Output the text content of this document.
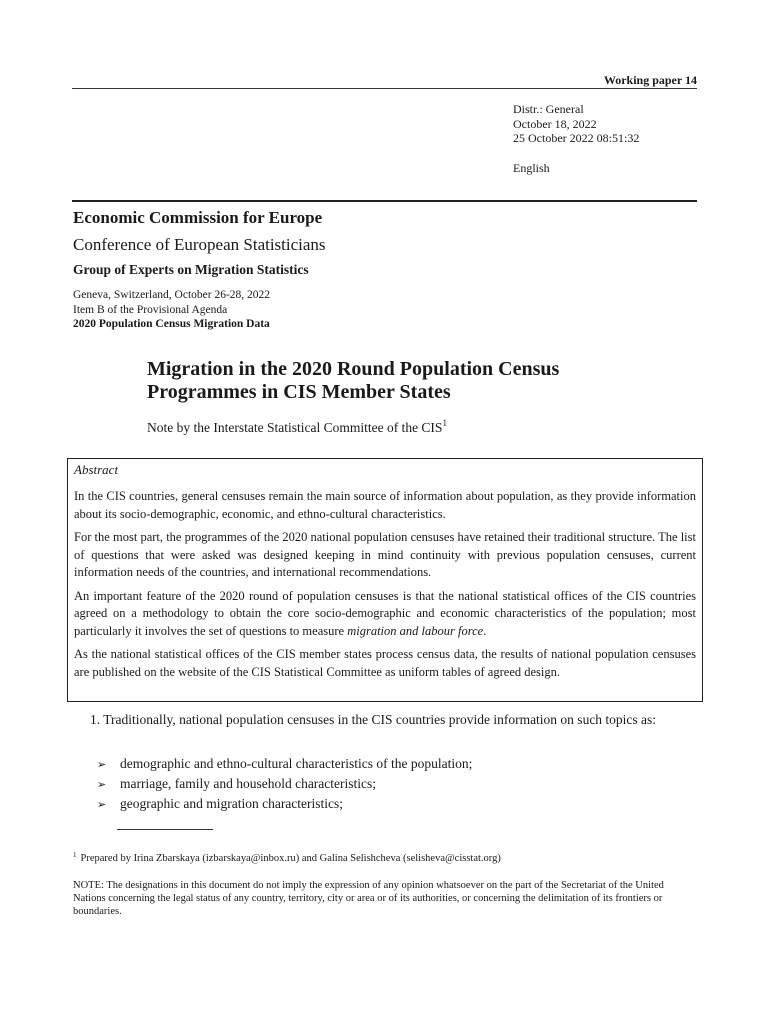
Working paper 14
Distr.: General
October 18, 2022
25 October 2022 08:51:32
English
Economic Commission for Europe
Conference of European Statisticians
Group of Experts on Migration Statistics
Geneva, Switzerland, October 26-28, 2022
Item B of the Provisional Agenda
2020 Population Census Migration Data
Migration in the 2020 Round Population Census
Programmes in CIS Member States
Note by the Interstate Statistical Committee of the CIS$^1$
Abstract

In the CIS countries, general censuses remain the main source of information about population, as they provide information about its socio-demographic, economic, and ethno-cultural characteristics.

For the most part, the programmes of the 2020 national population censuses have retained their traditional structure. The list of questions that were asked was designed keeping in mind continuity with previous population censuses, current information needs of the countries, and international recommendations.

An important feature of the 2020 round of population censuses is that the national statistical offices of the CIS countries agreed on a methodology to obtain the core socio-demographic and economic characteristics of the population; most particularly it involves the set of questions to measure migration and labour force.

As the national statistical offices of the CIS member states process census data, the results of national population censuses are published on the website of the CIS Statistical Committee as uniform tables of agreed design.

1. Traditionally, national population censuses in the CIS countries provide information on such topics as:
➢ demographic and ethno-cultural characteristics of the population;
➢ marriage, family and household characteristics;
➢ geographic and migration characteristics;
$^1$ Prepared by Irina Zbarskaya (izbarskaya@inbox.ru) and Galina Selishcheva (selisheva@cisstat.org)
NOTE: The designations in this document do not imply the expression of any opinion whatsoever on the part of the Secretariat of the United Nations concerning the legal status of any country, territory, city or area or of its authorities, or concerning the delimitation of its frontiers or boundaries.
